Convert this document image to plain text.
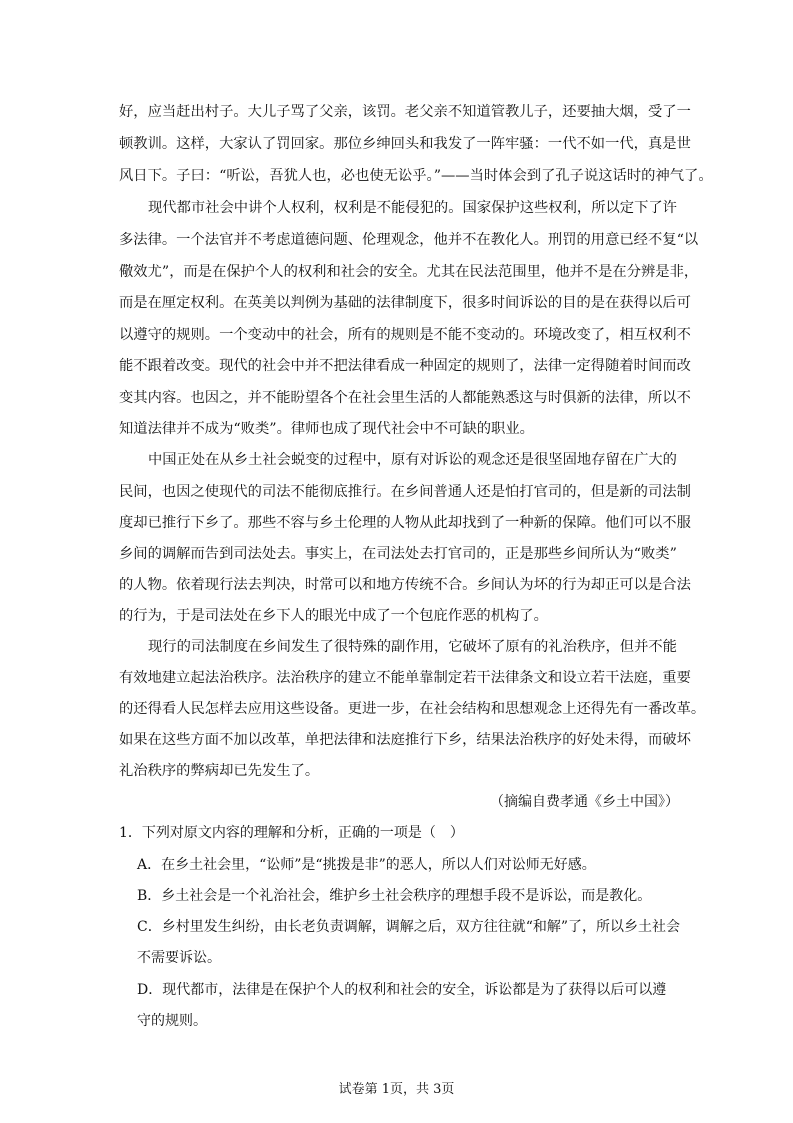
好，应当赶出村子。大儿子骂了父亲，该罚。老父亲不知道管教儿子，还要抽大烟，受了一
顿教训。这样，大家认了罚回家。那位乡绅回头和我发了一阵牢骚：一代不如一代，真是世
风日下。子曰：“听讼，吾犹人也，必也使无讼乎。”——当时体会到了孔子说这话时的神气了。
现代都市社会中讲个人权利，权利是不能侵犯的。国家保护这些权利，所以定下了许
多法律。一个法官并不考虑道德问题、伦理观念，他并不在教化人。刑罚的用意已经不复“以
儆效尤”，而是在保护个人的权利和社会的安全。尤其在民法范围里，他并不是在分辨是非，
而是在厘定权利。在英美以判例为基础的法律制度下，很多时间诉讼的目的是在获得以后可
以遵守的规则。一个变动中的社会，所有的规则是不能不变动的。环境改变了，相互权利不
能不跟着改变。现代的社会中并不把法律看成一种固定的规则了，法律一定得随着时间而改
变其内容。也因之，并不能盼望各个在社会里生活的人都能熟悉这与时俱新的法律，所以不
知道法律并不成为“败类”。律师也成了现代社会中不可缺的职业。
中国正处在从乡土社会蜕变的过程中，原有对诉讼的观念还是很坚固地存留在广大的
民间，也因之使现代的司法不能彻底推行。在乡间普通人还是怕打官司的，但是新的司法制
度却已推行下乡了。那些不容与乡土伦理的人物从此却找到了一种新的保障。他们可以不服
乡间的调解而告到司法处去。事实上，在司法处去打官司的，正是那些乡间所认为“败类”
的人物。依着现行法去判决，时常可以和地方传统不合。乡间认为坏的行为却正可以是合法
的行为，于是司法处在乡下人的眼光中成了一个包庇作恶的机构了。
现行的司法制度在乡间发生了很特殊的副作用，它破坏了原有的礼治秩序，但并不能
有效地建立起法治秩序。法治秩序的建立不能单靠制定若干法律条文和设立若干法庭，重要
的还得看人民怎样去应用这些设备。更进一步，在社会结构和思想观念上还得先有一番改革。
如果在这些方面不加以改革，单把法律和法庭推行下乡，结果法治秩序的好处未得，而破坏
礼治秩序的弊病却已先发生了。
（摘编自费孝通《乡土中国》）
1．下列对原文内容的理解和分析，正确的一项是（　）
A．在乡土社会里，“讼师”是“挑拨是非”的恶人，所以人们对讼师无好感。
B．乡土社会是一个礼治社会，维护乡土社会秩序的理想手段不是诉讼，而是教化。
C．乡村里发生纠纷，由长老负责调解，调解之后，双方往往就“和解”了，所以乡土社会
不需要诉讼。
D．现代都市，法律是在保护个人的权利和社会的安全，诉讼都是为了获得以后可以遵
守的规则。
试卷第 1页，共 3页
